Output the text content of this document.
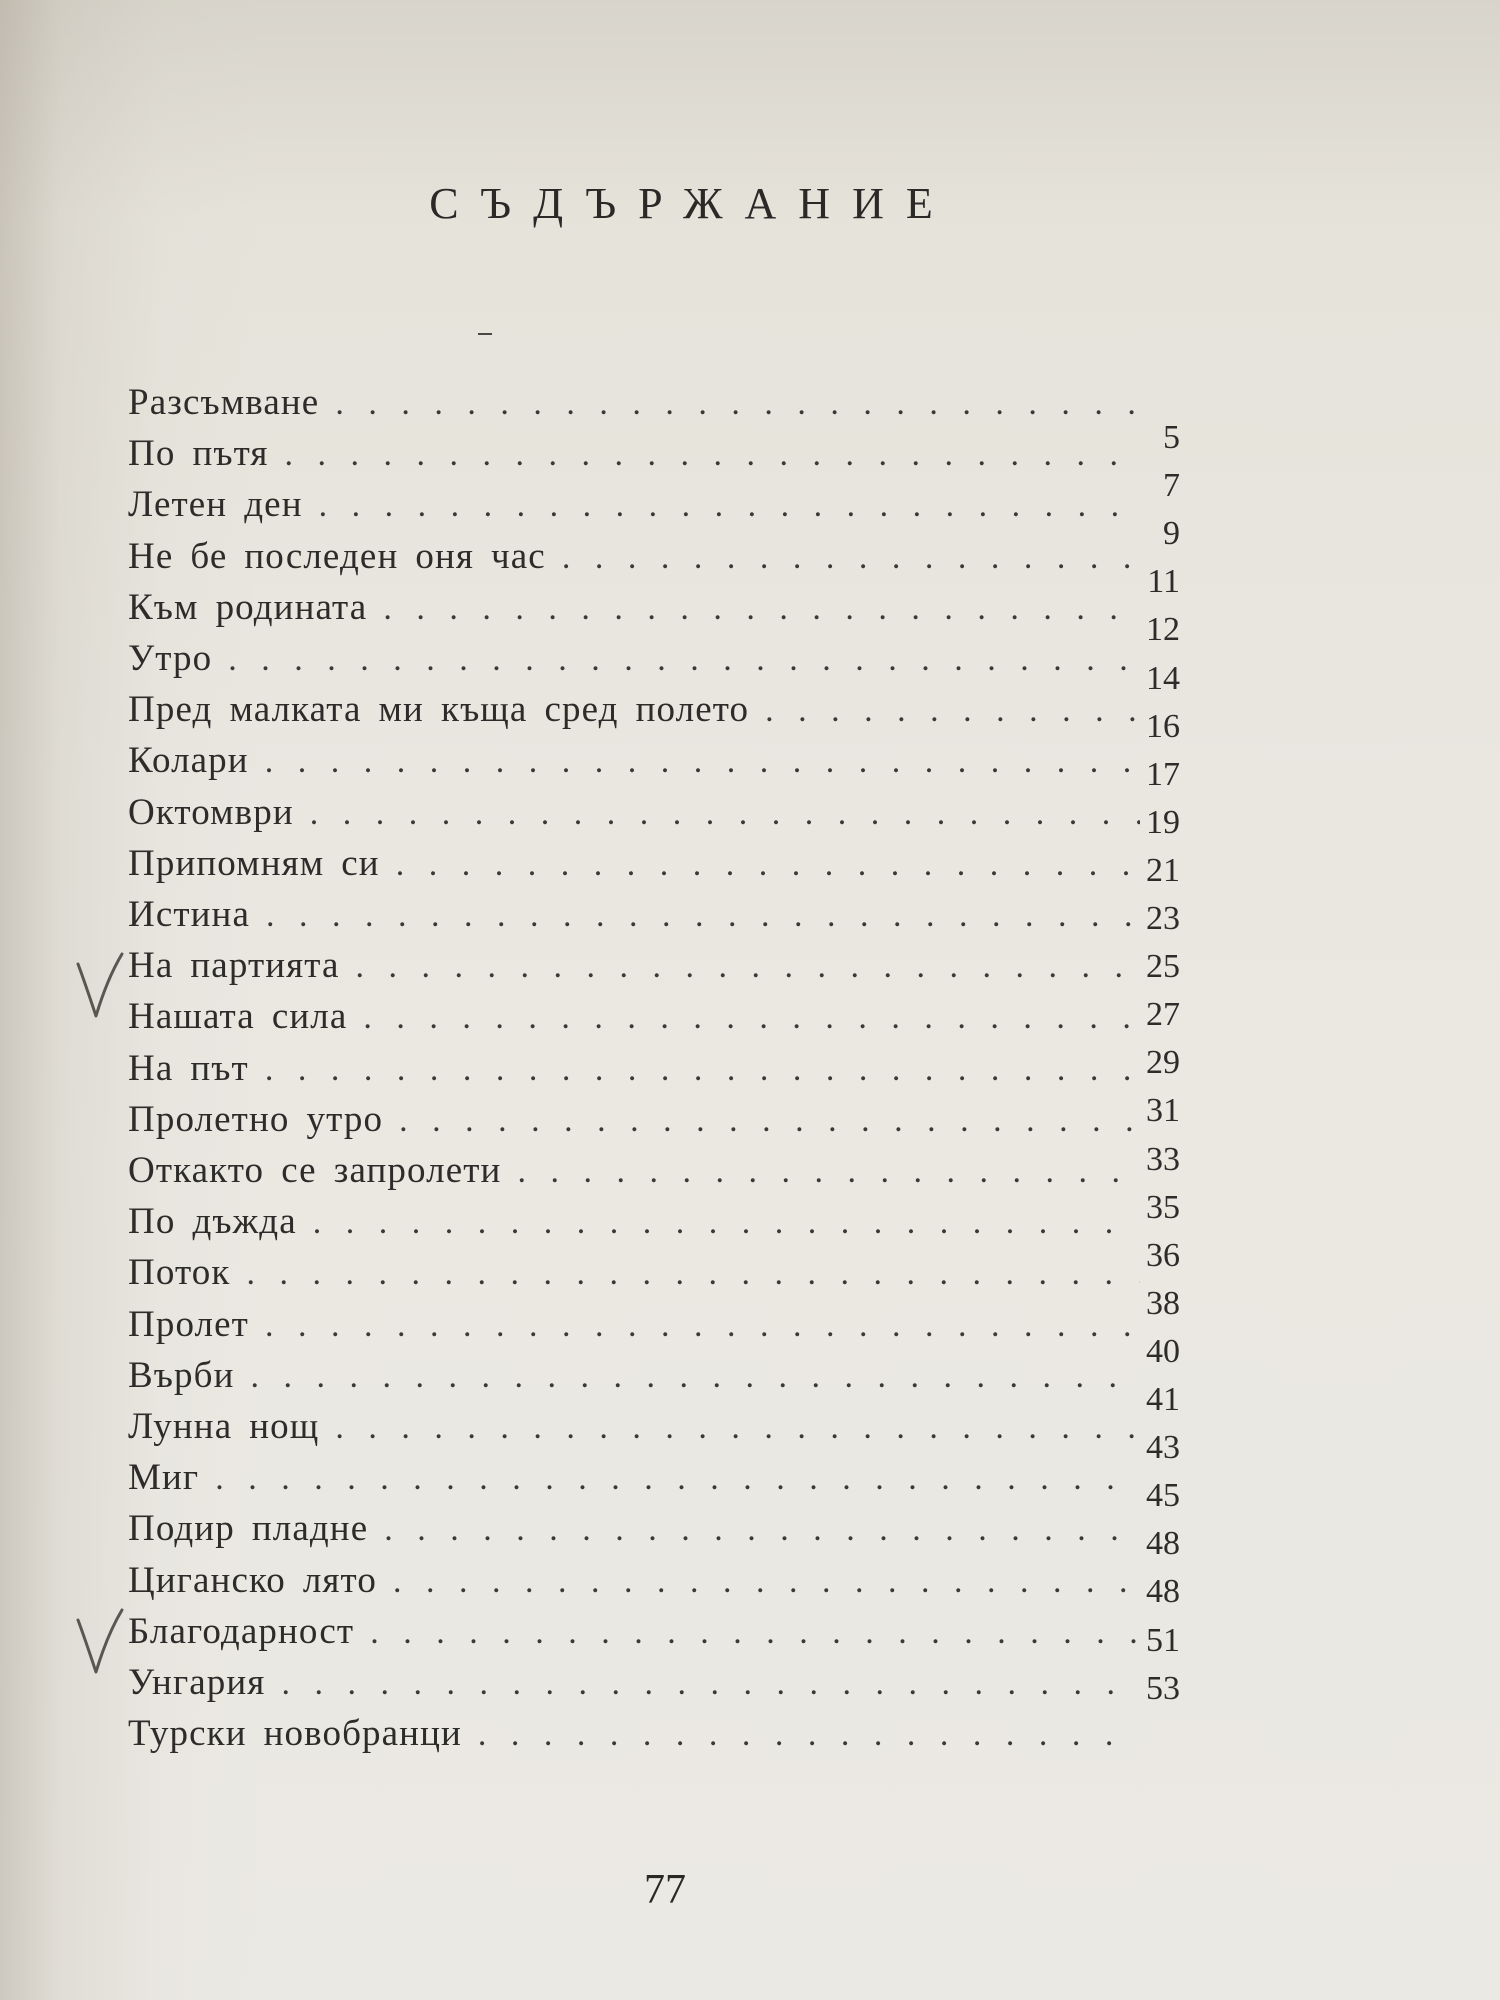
СЪДЪРЖАНИЕ
Разсъмване
. . .
По пътя
. . .
Летен ден
. . .
Не бе последен оня час
. . .
Към родината
. . .
Утро
. . .
Пред малката ми къща сред полето
. . .
Колари
. . .
Октомври
. . .
Припомням си
. . .
Истина
. . .
На партията
. . .
Нашата сила
. . .
На път
. . .
Пролетно утро
. . .
Откакто се запролети
. . .
По дъжда
. . .
Поток
. . .
Пролет
. . .
Върби
. . .
Лунна нощ
. . .
Миг
. . .
Подир пладне
. . .
Циганско лято
. . .
Благодарност
. . .
Унгария
. . .
Турски новобранци
. . .
5
7
9
11
12
14
16
17
19
21
23
25
27
29
31
33
35
36
38
40
41
43
45
48
48
51
53
77
